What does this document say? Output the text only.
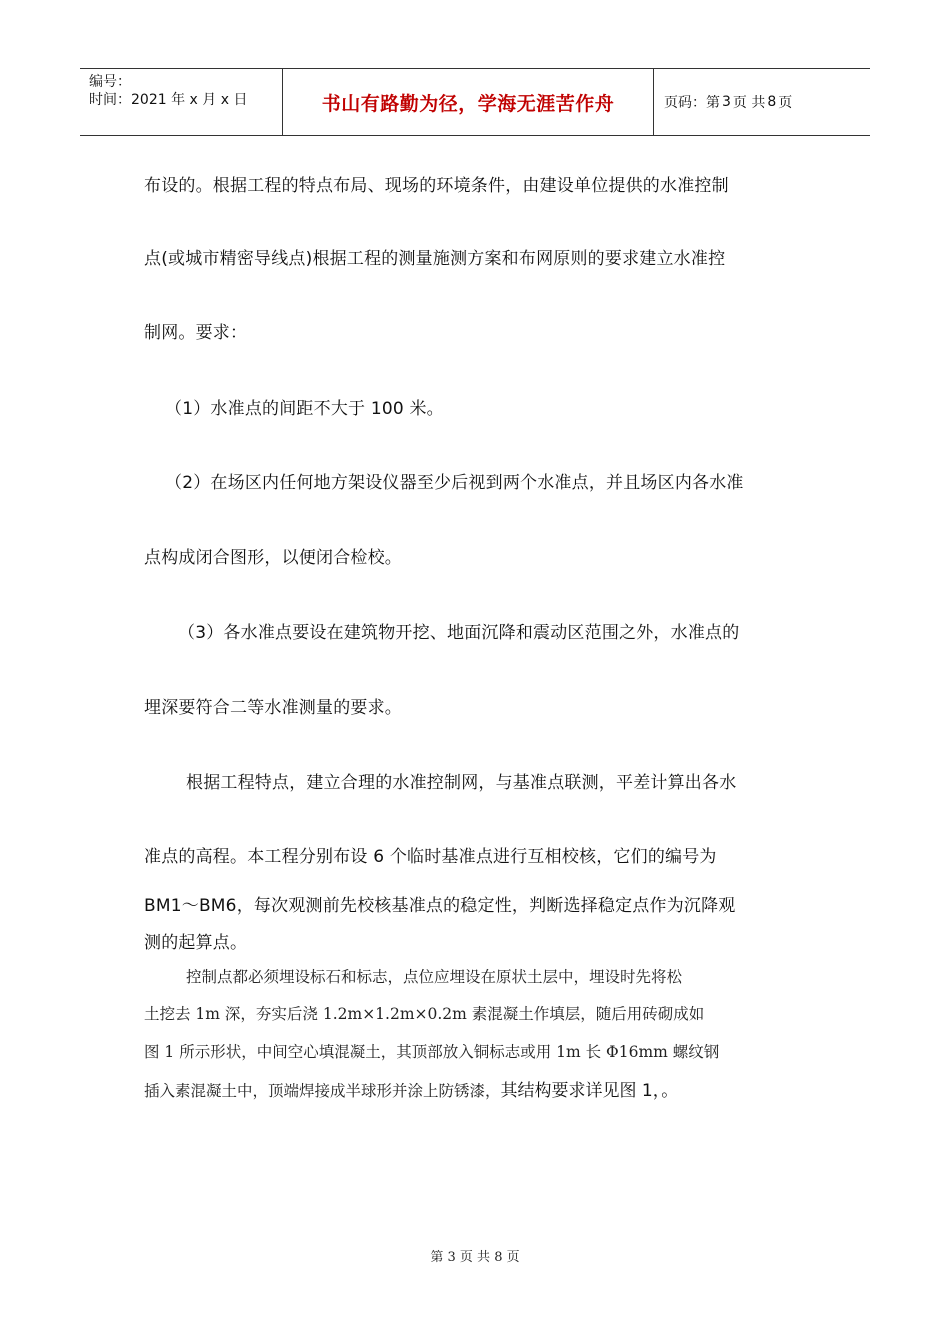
编号：
时间：2021 年 x 月 x 日	书山有路勤为径，学海无涯苦作舟	页码：第 3 页 共 8 页
布设的。根据工程的特点布局、现场的环境条件，由建设单位提供的水准控制
点(或城市精密导线点)根据工程的测量施测方案和布网原则的要求建立水准控
制网。要求：
（1）水准点的间距不大于 100 米。
（2）在场区内任何地方架设仪器至少后视到两个水准点，并且场区内各水准
点构成闭合图形，以便闭合检校。
（3）各水准点要设在建筑物开挖、地面沉降和震动区范围之外，水准点的
埋深要符合二等水准测量的要求。
根据工程特点，建立合理的水准控制网，与基准点联测，平差计算出各水
准点的高程。本工程分别布设 6 个临时基准点进行互相校核，它们的编号为
BM1～BM6，每次观测前先校核基准点的稳定性，判断选择稳定点作为沉降观
测的起算点。
控制点都必须埋设标石和标志，点位应埋设在原状土层中，埋设时先将松
土挖去 1m 深，夯实后浇 1.2m×1.2m×0.2m 素混凝土作填层，随后用砖砌成如
图 1 所示形状，中间空心填混凝土，其顶部放入铜标志或用 1m 长 Φ16mm 螺纹钢
插入素混凝土中，顶端焊接成半球形并涂上防锈漆，其结构要求详见图 1，。
第 3 页 共 8 页
